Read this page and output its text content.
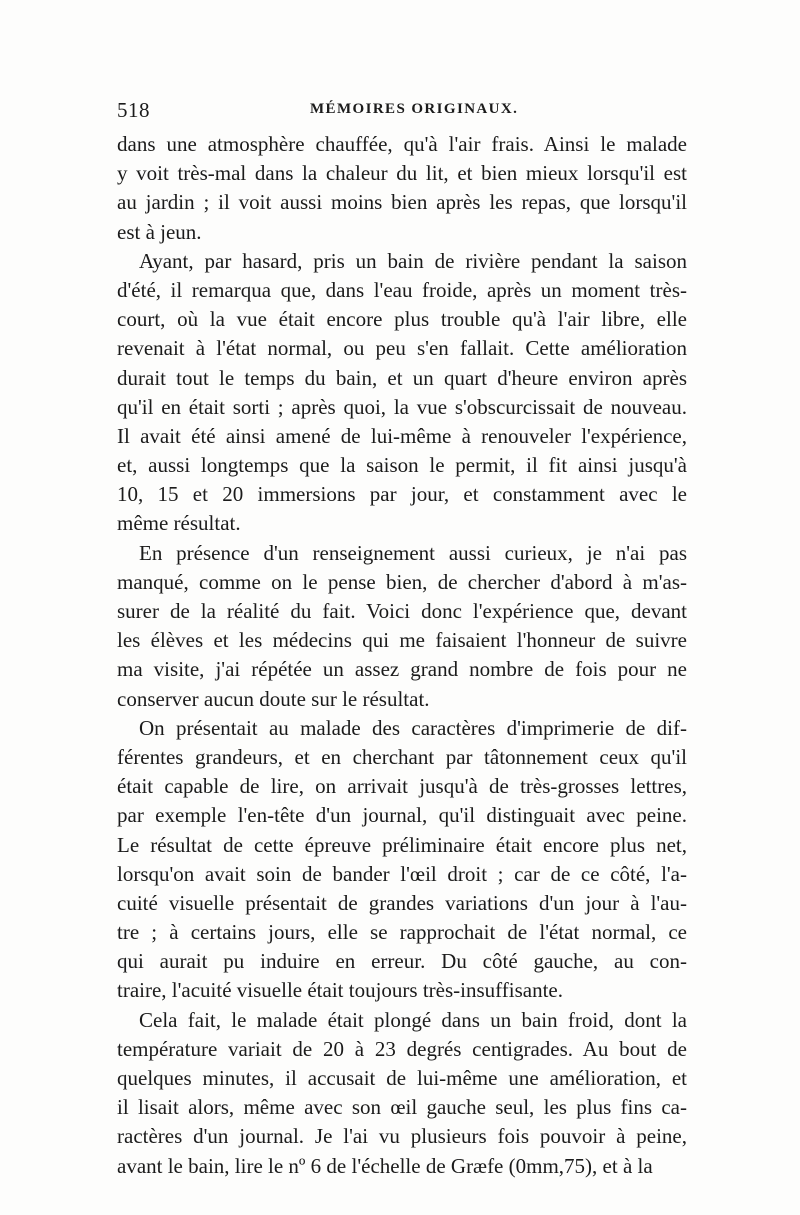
518	MÉMOIRES ORIGINAUX.
dans une atmosphère chauffée, qu'à l'air frais. Ainsi le malade
y voit très-mal dans la chaleur du lit, et bien mieux lorsqu'il est
au jardin ; il voit aussi moins bien après les repas, que lorsqu'il
est à jeun.
Ayant, par hasard, pris un bain de rivière pendant la saison
d'été, il remarqua que, dans l'eau froide, après un moment très-
court, où la vue était encore plus trouble qu'à l'air libre, elle
revenait à l'état normal, ou peu s'en fallait. Cette amélioration
durait tout le temps du bain, et un quart d'heure environ après
qu'il en était sorti ; après quoi, la vue s'obscurcissait de nouveau.
Il avait été ainsi amené de lui-même à renouveler l'expérience,
et, aussi longtemps que la saison le permit, il fit ainsi jusqu'à
10, 15 et 20 immersions par jour, et constamment avec le
même résultat.
En présence d'un renseignement aussi curieux, je n'ai pas
manqué, comme on le pense bien, de chercher d'abord à m'as-
surer de la réalité du fait. Voici donc l'expérience que, devant
les élèves et les médecins qui me faisaient l'honneur de suivre
ma visite, j'ai répétée un assez grand nombre de fois pour ne
conserver aucun doute sur le résultat.
On présentait au malade des caractères d'imprimerie de dif-
férentes grandeurs, et en cherchant par tâtonnement ceux qu'il
était capable de lire, on arrivait jusqu'à de très-grosses lettres,
par exemple l'en-tête d'un journal, qu'il distinguait avec peine.
Le résultat de cette épreuve préliminaire était encore plus net,
lorsqu'on avait soin de bander l'œil droit ; car de ce côté, l'a-
cuité visuelle présentait de grandes variations d'un jour à l'au-
tre ; à certains jours, elle se rapprochait de l'état normal, ce
qui aurait pu induire en erreur. Du côté gauche, au con-
traire, l'acuité visuelle était toujours très-insuffisante.
Cela fait, le malade était plongé dans un bain froid, dont la
température variait de 20 à 23 degrés centigrades. Au bout de
quelques minutes, il accusait de lui-même une amélioration, et
il lisait alors, même avec son œil gauche seul, les plus fins ca-
ractères d'un journal. Je l'ai vu plusieurs fois pouvoir à peine,
avant le bain, lire le nº 6 de l'échelle de Græfe (0mm,75), et à la
